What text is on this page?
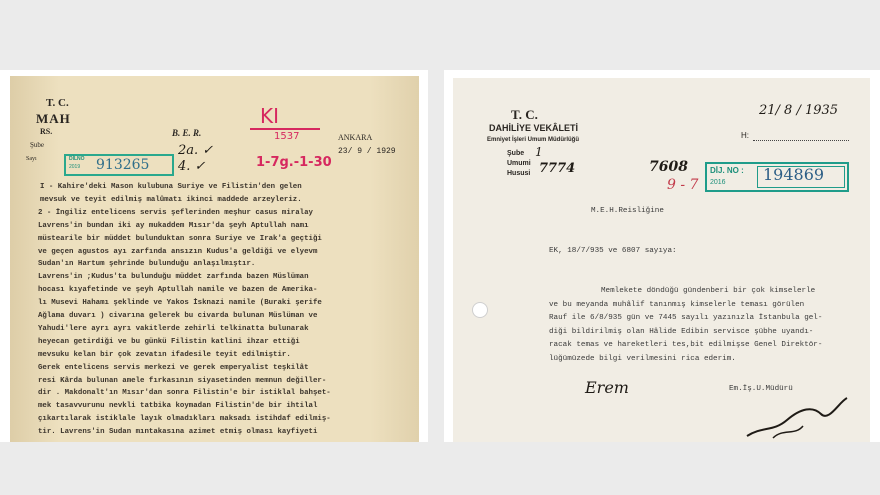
T. C.
MAH
RS.
Şube
Sayı	DİLNO
2019 913265
B. E. R.
2a. ✓
4. ✓
KI
1537
1-7g.-1-30
ANKARA
23/ 9 / 1929
I - Kahire'deki Mason kulubuna Suriye ve Filistin'den gelen
mevsuk ve teyit edilmiş malûmatı ikinci maddede arzeyleriz.
2 - İngiliz entelicens servis şeflerinden meşhur casus miralay
Lavrens'in bundan iki ay mukaddem Mısır'da şeyh Aptullah namı
müstearile bir müddet bulunduktan sonra Suriye ve Irak'a geçtiği
ve geçen agustos ayı zarfında ansızın Kudus'a geldiği ve elyevm
Sudan'ın Hartum şehrinde bulunduğu anlaşılmıştır.
Lavrens'in ;Kudus'ta bulunduğu müddet zarfında bazen Müslüman
hocası kıyafetinde ve şeyh Aptullah namile ve bazen de Amerika-
lı Musevi Hahamı şeklinde ve Yakos İsknazi namile (Buraki şerife
Ağlama duvarı ) civarına gelerek bu civarda bulunan Müslüman ve
Yahudi'lere ayrı ayrı vakitlerde zehirli telkinatta bulunarak
heyecan getirdiği ve bu günkü Filistin katlini ihzar ettiği
mevsuku kelan bir çok zevatın ifadesile teyit edilmiştir.
Gerek entelicens servis merkezi ve gerek emperyalist teşkilât
resi Kârda bulunan amele fırkasının siyasetinden memnun değiller-
dir . Makdonalt'ın Mısır'dan sonra Filistin'e bir istiklal bahşet-
mek tasavvurunu nevkli tatbika koymadan Filistin'de bir ihtilal
çıkartılarak istiklale layık olmadıkları maksadı istihdaf edilmiş-
tir. Lavrens'in Sudan mıntakasına azimet etmiş olması kayfiyeti
T. C.
DAHİLİYE VEKÂLETİ
Emniyet İşleri Umum Müdürlüğü
Şube 1
Umumi
Hususi 7774
21/ 8 / 1935
H:
7608
9 - 7
DİJ. NO :
2016 194869
M.E.H.Reisliğine
EK, 18/7/935 ve 6807 sayıya:
Memlekete döndüğü gündenberi bir çok kimselerle
ve bu meyanda muhâlif tanınmış kimselerle teması görülen
Rauf ile 6/8/935 gün ve 7445 sayılı yazınızla İstanbula gel-
diği bildirilmiş olan Hâlide Edibin servisce şübhe uyandı-
racak temas ve hareketleri tes,bit edilmişse Genel Direktör-
lüğümüzede bilgi verilmesini rica ederim.
Erem	Em.İş.U.Müdürü
